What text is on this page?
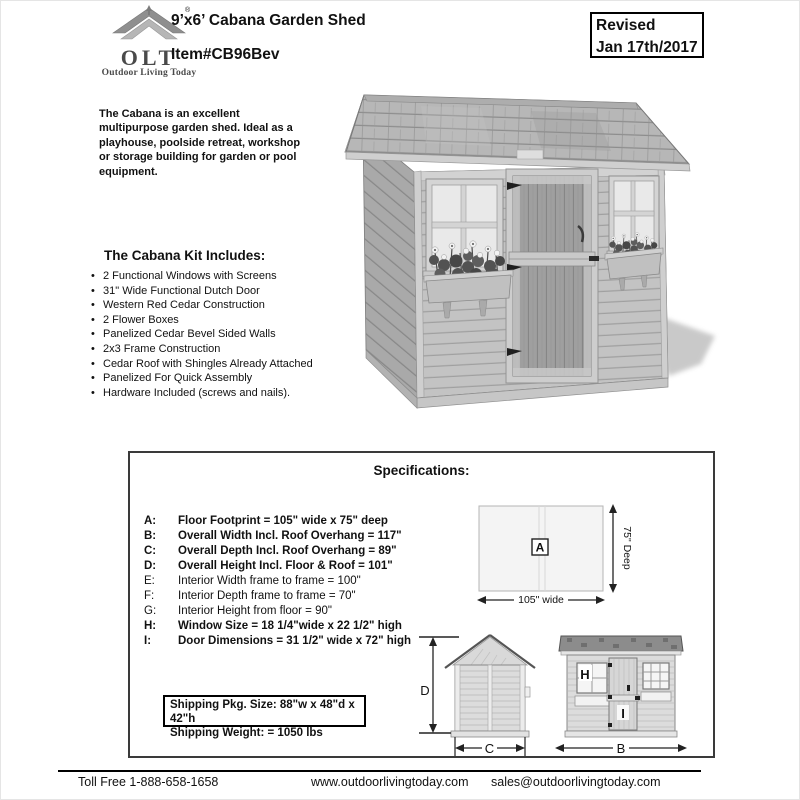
®
OLT
Outdoor Living Today
9’x6’ Cabana Garden Shed
Item#CB96Bev
Revised
Jan 17th/2017
The Cabana is an excellent multipurpose garden shed. Ideal as a playhouse, poolside retreat, workshop or storage building for garden or pool equipment.
The Cabana Kit Includes:
• 2 Functional Windows with Screens
• 31" Wide Functional Dutch Door
• Western Red Cedar Construction
• 2 Flower Boxes
• Panelized Cedar Bevel Sided Walls
• 2x3 Frame Construction
• Cedar Roof with Shingles Already Attached
• Panelized For Quick Assembly
• Hardware Included (screws and nails).
Specifications:
A:	Floor Footprint = 105" wide x 75" deep
B:	Overall Width Incl. Roof Overhang = 117"
C:	Overall Depth Incl. Roof Overhang = 89"
D:	Overall Height Incl. Floor & Roof = 101"
E:	Interior Width frame to frame = 100"
F:	Interior Depth frame to frame = 70"
G:	Interior Height from floor = 90"
H:	Window Size = 18 1/4"wide x 22 1/2" high
I:	Door Dimensions = 31 1/2" wide x 72" high
A	75" Deep
105" wide
D
C
H
I
B
Shipping Pkg. Size: 88"w x 48"d x 42"h
Shipping Weight: = 1050 lbs
Toll Free 1-888-658-1658	www.outdoorlivingtoday.com sales@outdoorlivingtoday.com
